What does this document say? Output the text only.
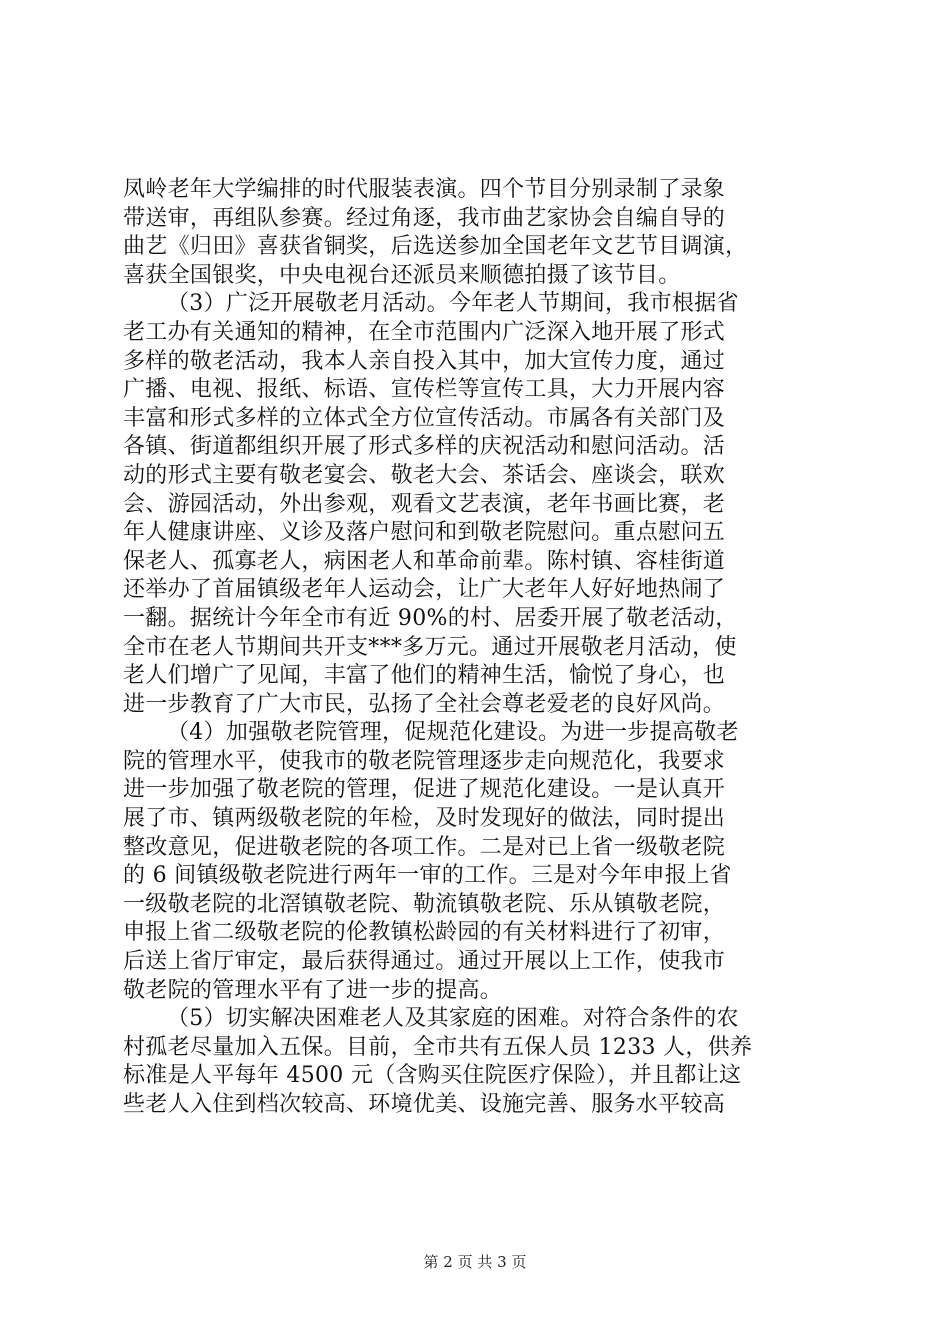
凤岭老年大学编排的时代服装表演。四个节目分别录制了录象
带送审，再组队参赛。经过角逐，我市曲艺家协会自编自导的
曲艺《归田》喜获省铜奖，后选送参加全国老年文艺节目调演，
喜获全国银奖，中央电视台还派员来顺德拍摄了该节目。
（3）广泛开展敬老月活动。今年老人节期间，我市根据省
老工办有关通知的精神，在全市范围内广泛深入地开展了形式
多样的敬老活动，我本人亲自投入其中，加大宣传力度，通过
广播、电视、报纸、标语、宣传栏等宣传工具，大力开展内容
丰富和形式多样的立体式全方位宣传活动。市属各有关部门及
各镇、街道都组织开展了形式多样的庆祝活动和慰问活动。活
动的形式主要有敬老宴会、敬老大会、茶话会、座谈会，联欢
会、游园活动，外出参观，观看文艺表演，老年书画比赛，老
年人健康讲座、义诊及落户慰问和到敬老院慰问。重点慰问五
保老人、孤寡老人，病困老人和革命前辈。陈村镇、容桂街道
还举办了首届镇级老年人运动会，让广大老年人好好地热闹了
一翻。据统计今年全市有近 90%的村、居委开展了敬老活动，
全市在老人节期间共开支***多万元。通过开展敬老月活动，使
老人们增广了见闻，丰富了他们的精神生活，愉悦了身心，也
进一步教育了广大市民，弘扬了全社会尊老爱老的良好风尚。
（4）加强敬老院管理，促规范化建设。为进一步提高敬老
院的管理水平，使我市的敬老院管理逐步走向规范化，我要求
进一步加强了敬老院的管理，促进了规范化建设。一是认真开
展了市、镇两级敬老院的年检，及时发现好的做法，同时提出
整改意见，促进敬老院的各项工作。二是对已上省一级敬老院
的 6 间镇级敬老院进行两年一审的工作。三是对今年申报上省
一级敬老院的北滘镇敬老院、勒流镇敬老院、乐从镇敬老院，
申报上省二级敬老院的伦教镇松龄园的有关材料进行了初审，
后送上省厅审定，最后获得通过。通过开展以上工作，使我市
敬老院的管理水平有了进一步的提高。
（5）切实解决困难老人及其家庭的困难。对符合条件的农
村孤老尽量加入五保。目前，全市共有五保人员 1233 人，供养
标准是人平每年 4500 元（含购买住院医疗保险），并且都让这
些老人入住到档次较高、环境优美、设施完善、服务水平较高
第 2 页 共 3 页
